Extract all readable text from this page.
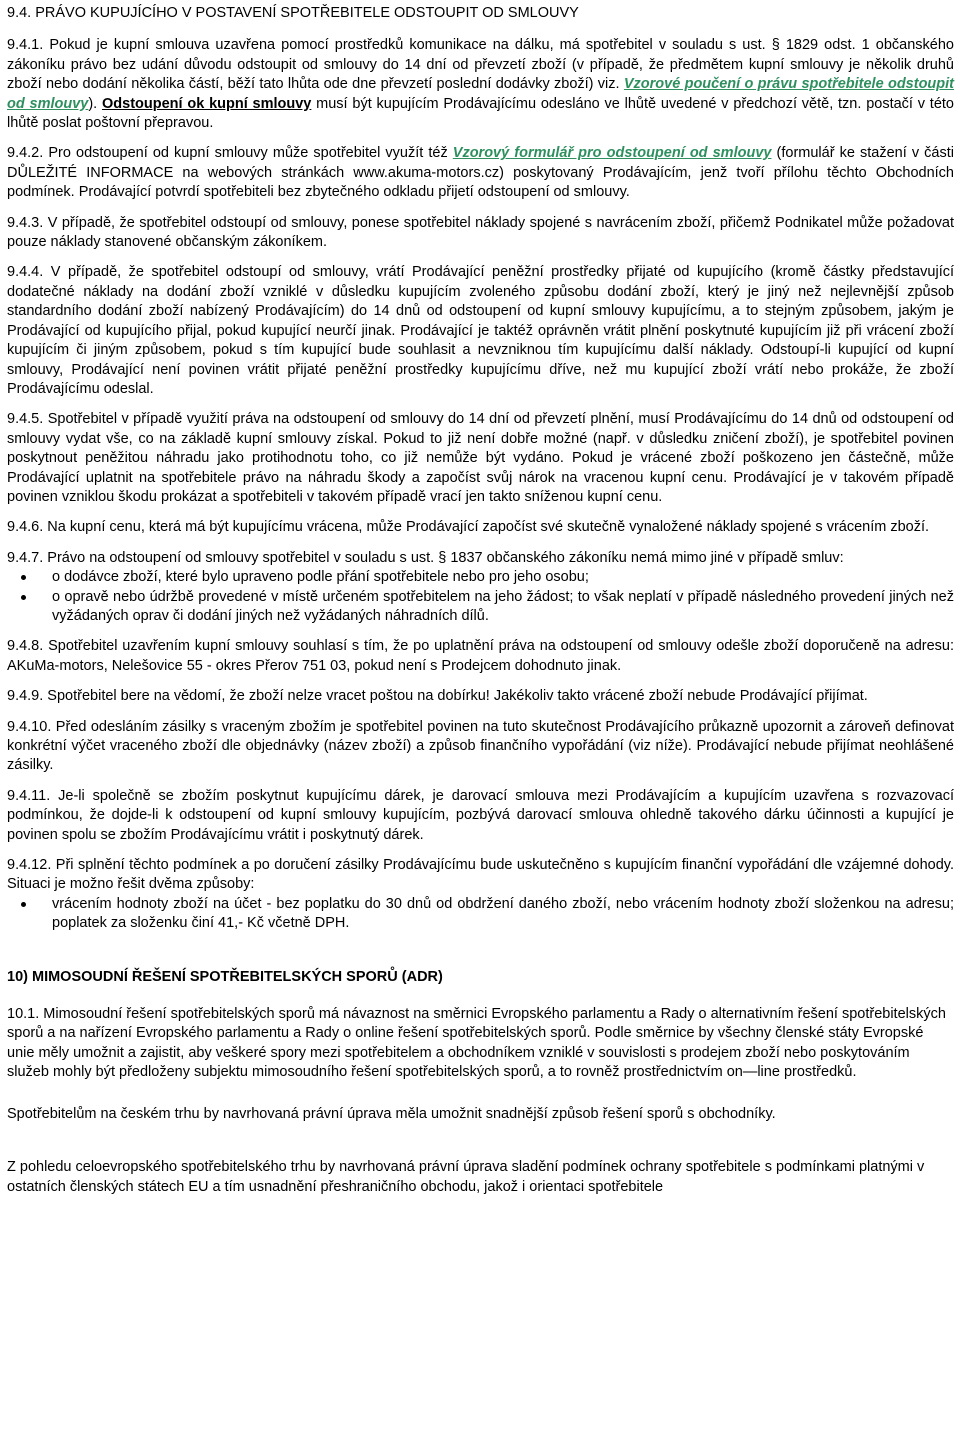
9.4. PRÁVO KUPUJÍCÍHO V POSTAVENÍ SPOTŘEBITELE ODSTOUPIT OD SMLOUVY

9.4.1. Pokud je kupní smlouva uzavřena pomocí prostředků komunikace na dálku, má spotřebitel v souladu s ust. § 1829 odst. 1 občanského zákoníku právo bez udání důvodu odstoupit od smlouvy do 14 dní od převzetí zboží (v případě, že předmětem kupní smlouvy je několik druhů zboží nebo dodání několika částí, běží tato lhůta ode dne převzetí poslední dodávky zboží) viz. Vzorové poučení o právu spotřebitele odstoupit od smlouvy). Odstoupení ok kupní smlouvy musí být kupujícím Prodávajícímu odesláno ve lhůtě uvedené v předchozí větě, tzn. postačí v této lhůtě poslat poštovní přepravou.

9.4.2. Pro odstoupení od kupní smlouvy může spotřebitel využít též Vzorový formulář pro odstoupení od smlouvy (formulář ke stažení v části DŮLEŽITÉ INFORMACE na webových stránkách www.akuma-motors.cz) poskytovaný Prodávajícím, jenž tvoří přílohu těchto Obchodních podmínek. Prodávající potvrdí spotřebiteli bez zbytečného odkladu přijetí odstoupení od smlouvy.

9.4.3. V případě, že spotřebitel odstoupí od smlouvy, ponese spotřebitel náklady spojené s navrácením zboží, přičemž Podnikatel může požadovat pouze náklady stanovené občanským zákoníkem.

9.4.4. V případě, že spotřebitel odstoupí od smlouvy, vrátí Prodávající peněžní prostředky přijaté od kupujícího (kromě částky představující dodatečné náklady na dodání zboží vzniklé v důsledku kupujícím zvoleného způsobu dodání zboží, který je jiný než nejlevnější způsob standardního dodání zboží nabízený Prodávajícím) do 14 dnů od odstoupení od kupní smlouvy kupujícímu, a to stejným způsobem, jakým je Prodávající od kupujícího přijal, pokud kupující neurčí jinak. Prodávající je taktéž oprávněn vrátit plnění poskytnuté kupujícím již při vrácení zboží kupujícím či jiným způsobem, pokud s tím kupující bude souhlasit a nevzniknou tím kupujícímu další náklady. Odstoupí-li kupující od kupní smlouvy, Prodávající není povinen vrátit přijaté peněžní prostředky kupujícímu dříve, než mu kupující zboží vrátí nebo prokáže, že zboží Prodávajícímu odeslal.

9.4.5. Spotřebitel v případě využití práva na odstoupení od smlouvy do 14 dní od převzetí plnění, musí Prodávajícímu do 14 dnů od odstoupení od smlouvy vydat vše, co na základě kupní smlouvy získal. Pokud to již není dobře možné (např. v důsledku zničení zboží), je spotřebitel povinen poskytnout peněžitou náhradu jako protihodnotu toho, co již nemůže být vydáno. Pokud je vrácené zboží poškozeno jen částečně, může Prodávající uplatnit na spotřebitele právo na náhradu škody a započíst svůj nárok na vracenou kupní cenu. Prodávající je v takovém případě povinen vzniklou škodu prokázat a spotřebiteli v takovém případě vrací jen takto sníženou kupní cenu.

9.4.6. Na kupní cenu, která má být kupujícímu vrácena, může Prodávající započíst své skutečně vynaložené náklady spojené s vrácením zboží.

9.4.7. Právo na odstoupení od smlouvy spotřebitel v souladu s ust. § 1837 občanského zákoníku nemá mimo jiné v případě smluv:

o dodávce zboží, které bylo upraveno podle přání spotřebitele nebo pro jeho osobu;
o opravě nebo údržbě provedené v místě určeném spotřebitelem na jeho žádost; to však neplatí v případě následného provedení jiných než vyžádaných oprav či dodání jiných než vyžádaných náhradních dílů.

9.4.8. Spotřebitel uzavřením kupní smlouvy souhlasí s tím, že po uplatnění práva na odstoupení od smlouvy odešle zboží doporučeně na adresu: AKuMa-motors, Nelešovice 55 - okres Přerov 751 03, pokud není s Prodejcem dohodnuto jinak.

9.4.9. Spotřebitel bere na vědomí, že zboží nelze vracet poštou na dobírku! Jakékoliv takto vrácené zboží nebude Prodávající přijímat.

9.4.10. Před odesláním zásilky s vraceným zbožím je spotřebitel povinen na tuto skutečnost Prodávajícího průkazně upozornit a zároveň definovat konkrétní výčet vraceného zboží dle objednávky (název zboží) a způsob finančního vypořádání (viz níže). Prodávající nebude přijímat neohlášené zásilky.

9.4.11. Je-li společně se zbožím poskytnut kupujícímu dárek, je darovací smlouva mezi Prodávajícím a kupujícím uzavřena s rozvazovací podmínkou, že dojde-li k odstoupení od kupní smlouvy kupujícím, pozbývá darovací smlouva ohledně takového dárku účinnosti a kupující je povinen spolu se zbožím Prodávajícímu vrátit i poskytnutý dárek.

9.4.12. Při splnění těchto podmínek a po doručení zásilky Prodávajícímu bude uskutečněno s kupujícím finanční vypořádání dle vzájemné dohody. Situaci je možno řešit dvěma způsoby:

vrácením hodnoty zboží na účet - bez poplatku do 30 dnů od obdržení daného zboží, nebo vrácením hodnoty zboží složenkou na adresu; poplatek za složenku činí 41,- Kč včetně DPH.

10) MIMOSOUDNÍ ŘEŠENÍ SPOTŘEBITELSKÝCH SPORŮ (ADR)

10.1. Mimosoudní řešení spotřebitelských sporů má návaznost na směrnici Evropského parlamentu a Rady o alternativním řešení spotřebitelských sporů a na nařízení Evropského parlamentu a Rady o online řešení spotřebitelských sporů. Podle směrnice by všechny členské státy Evropské unie měly umožnit a zajistit, aby veškeré spory mezi spotřebitelem a obchodníkem vzniklé v souvislosti s prodejem zboží nebo poskytováním služeb mohly být předloženy subjektu mimosoudního řešení spotřebitelských sporů, a to rovněž prostřednictvím on—line prostředků.

Spotřebitelům na českém trhu by navrhovaná právní úprava měla umožnit snadnější způsob řešení sporů s obchodníky.

Z pohledu celoevropského spotřebitelského trhu by navrhovaná právní úprava sladění podmínek ochrany spotřebitele s podmínkami platnými v ostatních členských státech EU a tím usnadnění přeshraničního obchodu, jakož i orientaci spotřebitele
